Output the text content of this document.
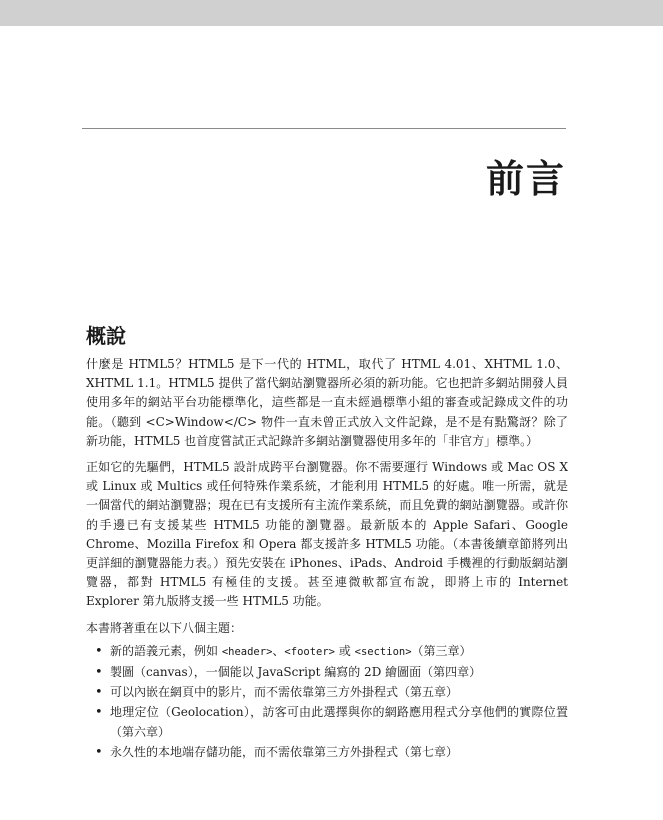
前言
概說

什麼是 HTML5？HTML5 是下一代的 HTML，取代了 HTML 4.01、XHTML 1.0、XHTML 1.1。HTML5 提供了當代網站瀏覽器所必須的新功能。它也把許多網站開發人員使用多年的網站平台功能標準化，這些都是一直未經過標準小組的審查或記錄成文件的功能。（聽到 <C>Window</C> 物件一直未曾正式放入文件記錄，是不是有點驚訝？除了新功能，HTML5 也首度嘗試正式記錄許多網站瀏覽器使用多年的「非官方」標準。）

正如它的先驅們，HTML5 設計成跨平台瀏覽器。你不需要運行 Windows 或 Mac OS X 或 Linux 或 Multics 或任何特殊作業系統，才能利用 HTML5 的好處。唯一所需，就是一個當代的網站瀏覽器；現在已有支援所有主流作業系統，而且免費的網站瀏覽器。或許你的手邊已有支援某些 HTML5 功能的瀏覽器。最新版本的 Apple Safari、Google Chrome、Mozilla Firefox 和 Opera 都支援許多 HTML5 功能。（本書後續章節將列出更詳細的瀏覽器能力表。）預先安裝在 iPhones、iPads、Android 手機裡的行動版網站瀏覽器，都對 HTML5 有極佳的支援。甚至連微軟都宣布說，即將上市的 Internet Explorer 第九版將支援一些 HTML5 功能。

本書將著重在以下八個主題：

• 新的語義元素，例如 <header>、<footer> 或 <section>（第三章）
• 製圖（canvas），一個能以 JavaScript 編寫的 2D 繪圖面（第四章）
• 可以內嵌在網頁中的影片，而不需依靠第三方外掛程式（第五章）
• 地理定位（Geolocation），訪客可由此選擇與你的網路應用程式分享他們的實際位置（第六章）
• 永久性的本地端存儲功能，而不需依靠第三方外掛程式（第七章）
